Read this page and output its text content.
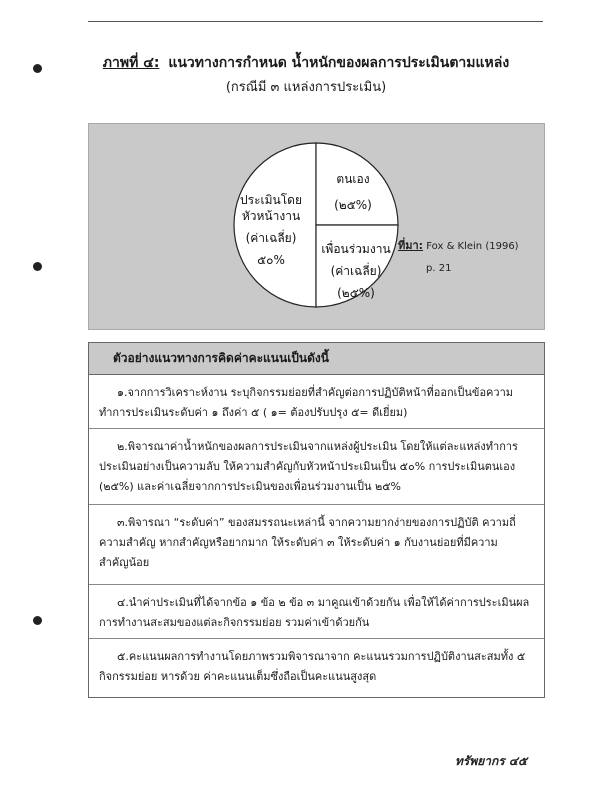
ภาพที่ ๔: แนวทางการกำหนด น้ำหนักของผลการประเมินตามแหล่ง
(กรณีมี ๓ แหล่งการประเมิน)
ประเมินโดย
หัวหน้างาน
(ค่าเฉลี่ย)
๕๐%
ตนเอง
(๒๕%)
เพื่อนร่วมงาน
(ค่าเฉลี่ย)
(๒๕%)
ที่มา: Fox & Klein (1996)
p. 21
ตัวอย่างแนวทางการคิดค่าคะแนนเป็นดังนี้
๑.จากการวิเคราะห์งาน ระบุกิจกรรมย่อยที่สำคัญต่อการปฏิบัติหน้าที่ออกเป็นข้อความ
ทำการประเมินระดับค่า ๑ ถึงค่า ๕ ( ๑= ต้องปรับปรุง ๕= ดีเยี่ยม)
๒.พิจารณาค่าน้ำหนักของผลการประเมินจากแหล่งผู้ประเมิน โดยให้แต่ละแหล่งทำการ
ประเมินอย่างเป็นความลับ ให้ความสำคัญกับหัวหน้าประเมินเป็น ๕๐% การประเมินตนเอง
(๒๕%) และค่าเฉลี่ยจากการประเมินของเพื่อนร่วมงานเป็น ๒๕%
๓.พิจารณา “ระดับค่า” ของสมรรถนะเหล่านี้ จากความยากง่ายของการปฏิบัติ ความถี่
ความสำคัญ หากสำคัญหรือยากมาก ให้ระดับค่า ๓ ให้ระดับค่า ๑ กับงานย่อยที่มีความ
สำคัญน้อย
๔.นำค่าประเมินที่ได้จากข้อ ๑ ข้อ ๒ ข้อ ๓ มาคูณเข้าด้วยกัน เพื่อให้ได้ค่าการประเมินผล
การทำงานสะสมของแต่ละกิจกรรมย่อย รวมค่าเข้าด้วยกัน
๕.คะแนนผลการทำงานโดยภาพรวมพิจารณาจาก คะแนนรวมการปฏิบัติงานสะสมทั้ง ๕
กิจกรรมย่อย หารด้วย ค่าคะแนนเต็มซึ่งถือเป็นคะแนนสูงสุด
ทรัพยากร ๔๕
